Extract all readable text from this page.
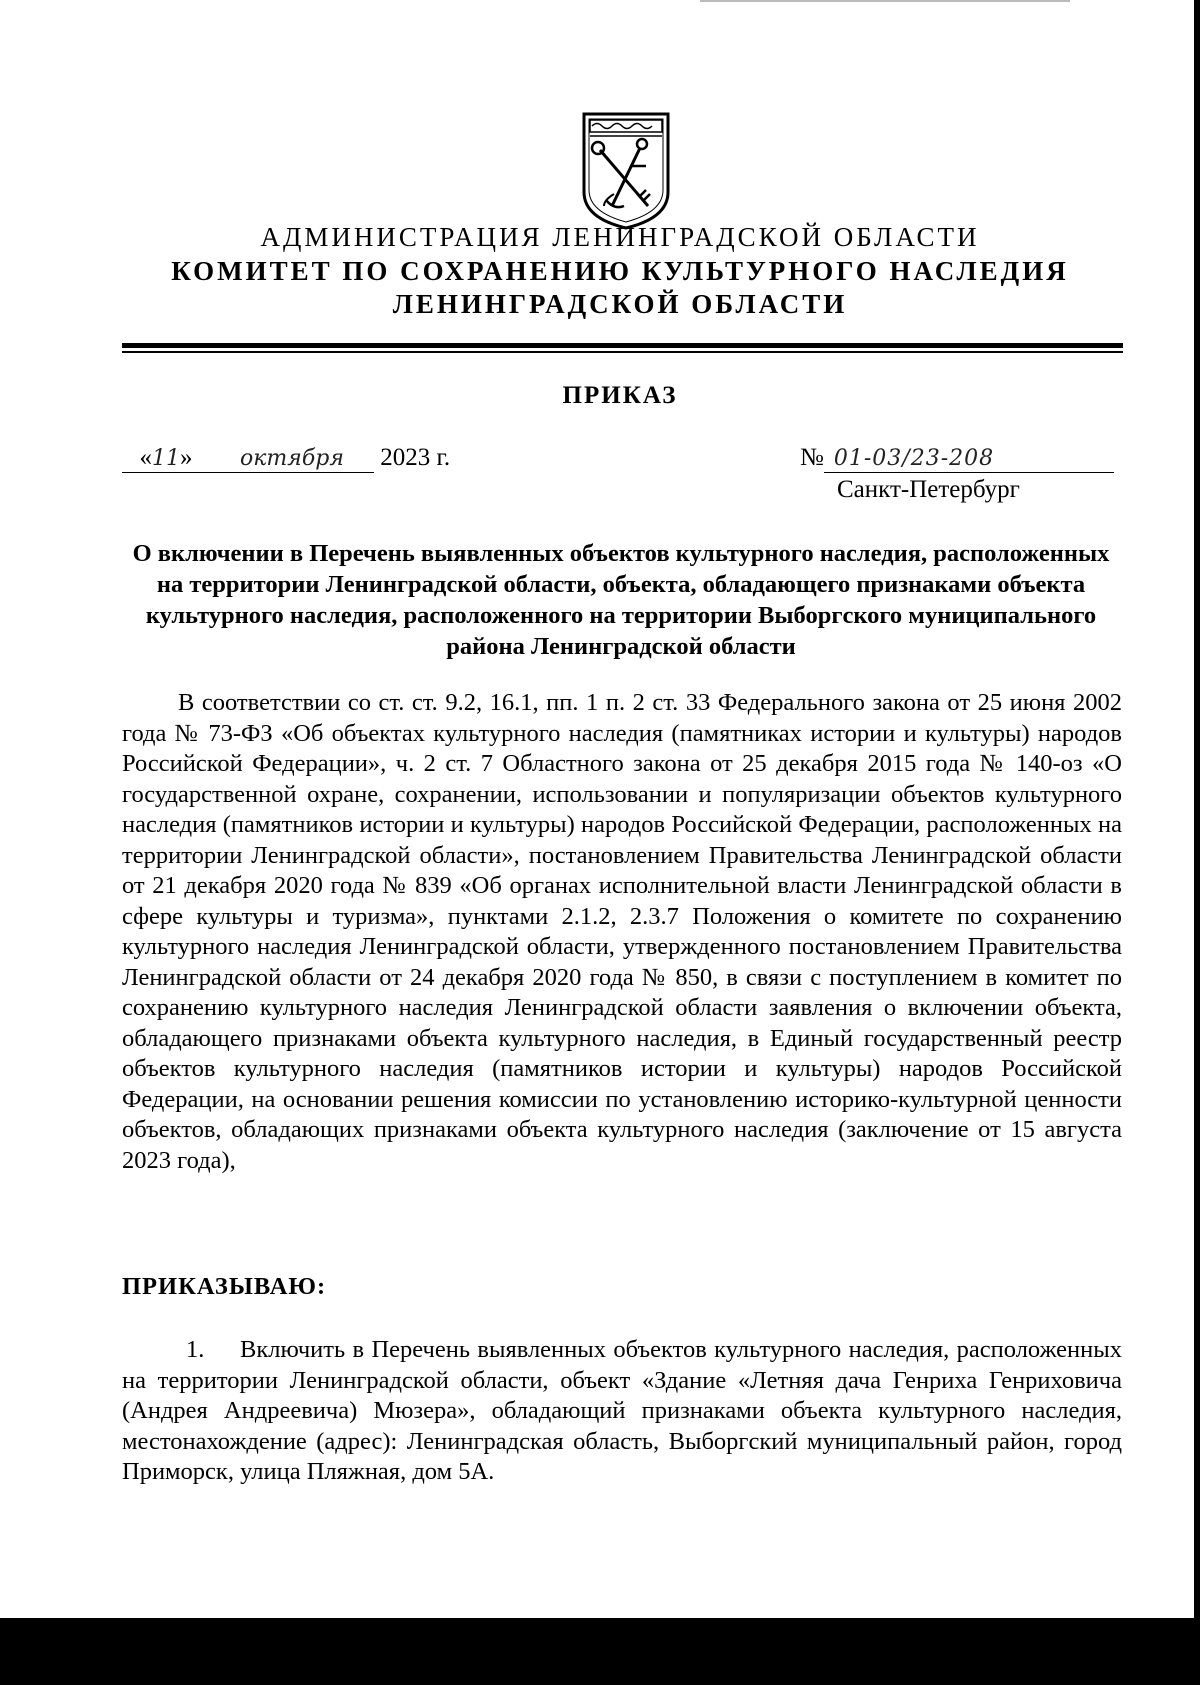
АДМИНИСТРАЦИЯ ЛЕНИНГРАДСКОЙ ОБЛАСТИ
КОМИТЕТ ПО СОХРАНЕНИЮ КУЛЬТУРНОГО НАСЛЕДИЯ
ЛЕНИНГРАДСКОЙ ОБЛАСТИ
ПРИКАЗ
«11» октября 2023 г.	№ 01-03/23-208
Санкт-Петербург
О включении в Перечень выявленных объектов культурного наследия, расположенных на территории Ленинградской области, объекта, обладающего признаками объекта культурного наследия, расположенного на территории Выборгского муниципального района Ленинградской области

В соответствии со ст. ст. 9.2, 16.1, пп. 1 п. 2 ст. 33 Федерального закона от 25 июня 2002 года № 73-ФЗ «Об объектах культурного наследия (памятниках истории и культуры) народов Российской Федерации», ч. 2 ст. 7 Областного закона от 25 декабря 2015 года № 140-оз «О государственной охране, сохранении, использовании и популяризации объектов культурного наследия (памятников истории и культуры) народов Российской Федерации, расположенных на территории Ленинградской области», постановлением Правительства Ленинградской области от 21 декабря 2020 года № 839 «Об органах исполнительной власти Ленинградской области в сфере культуры и туризма», пунктами 2.1.2, 2.3.7 Положения о комитете по сохранению культурного наследия Ленинградской области, утвержденного постановлением Правительства Ленинградской области от 24 декабря 2020 года № 850, в связи с поступлением в комитет по сохранению культурного наследия Ленинградской области заявления о включении объекта, обладающего признаками объекта культурного наследия, в Единый государственный реестр объектов культурного наследия (памятников истории и культуры) народов Российской Федерации, на основании решения комиссии по установлению историко-культурной ценности объектов, обладающих признаками объекта культурного наследия (заключение от 15 августа 2023 года),

ПРИКАЗЫВАЮ:

1. Включить в Перечень выявленных объектов культурного наследия, расположенных на территории Ленинградской области, объект «Здание «Летняя дача Генриха Генриховича (Андрея Андреевича) Мюзера», обладающий признаками объекта культурного наследия, местонахождение (адрес): Ленинградская область, Выборгский муниципальный район, город Приморск, улица Пляжная, дом 5А.
